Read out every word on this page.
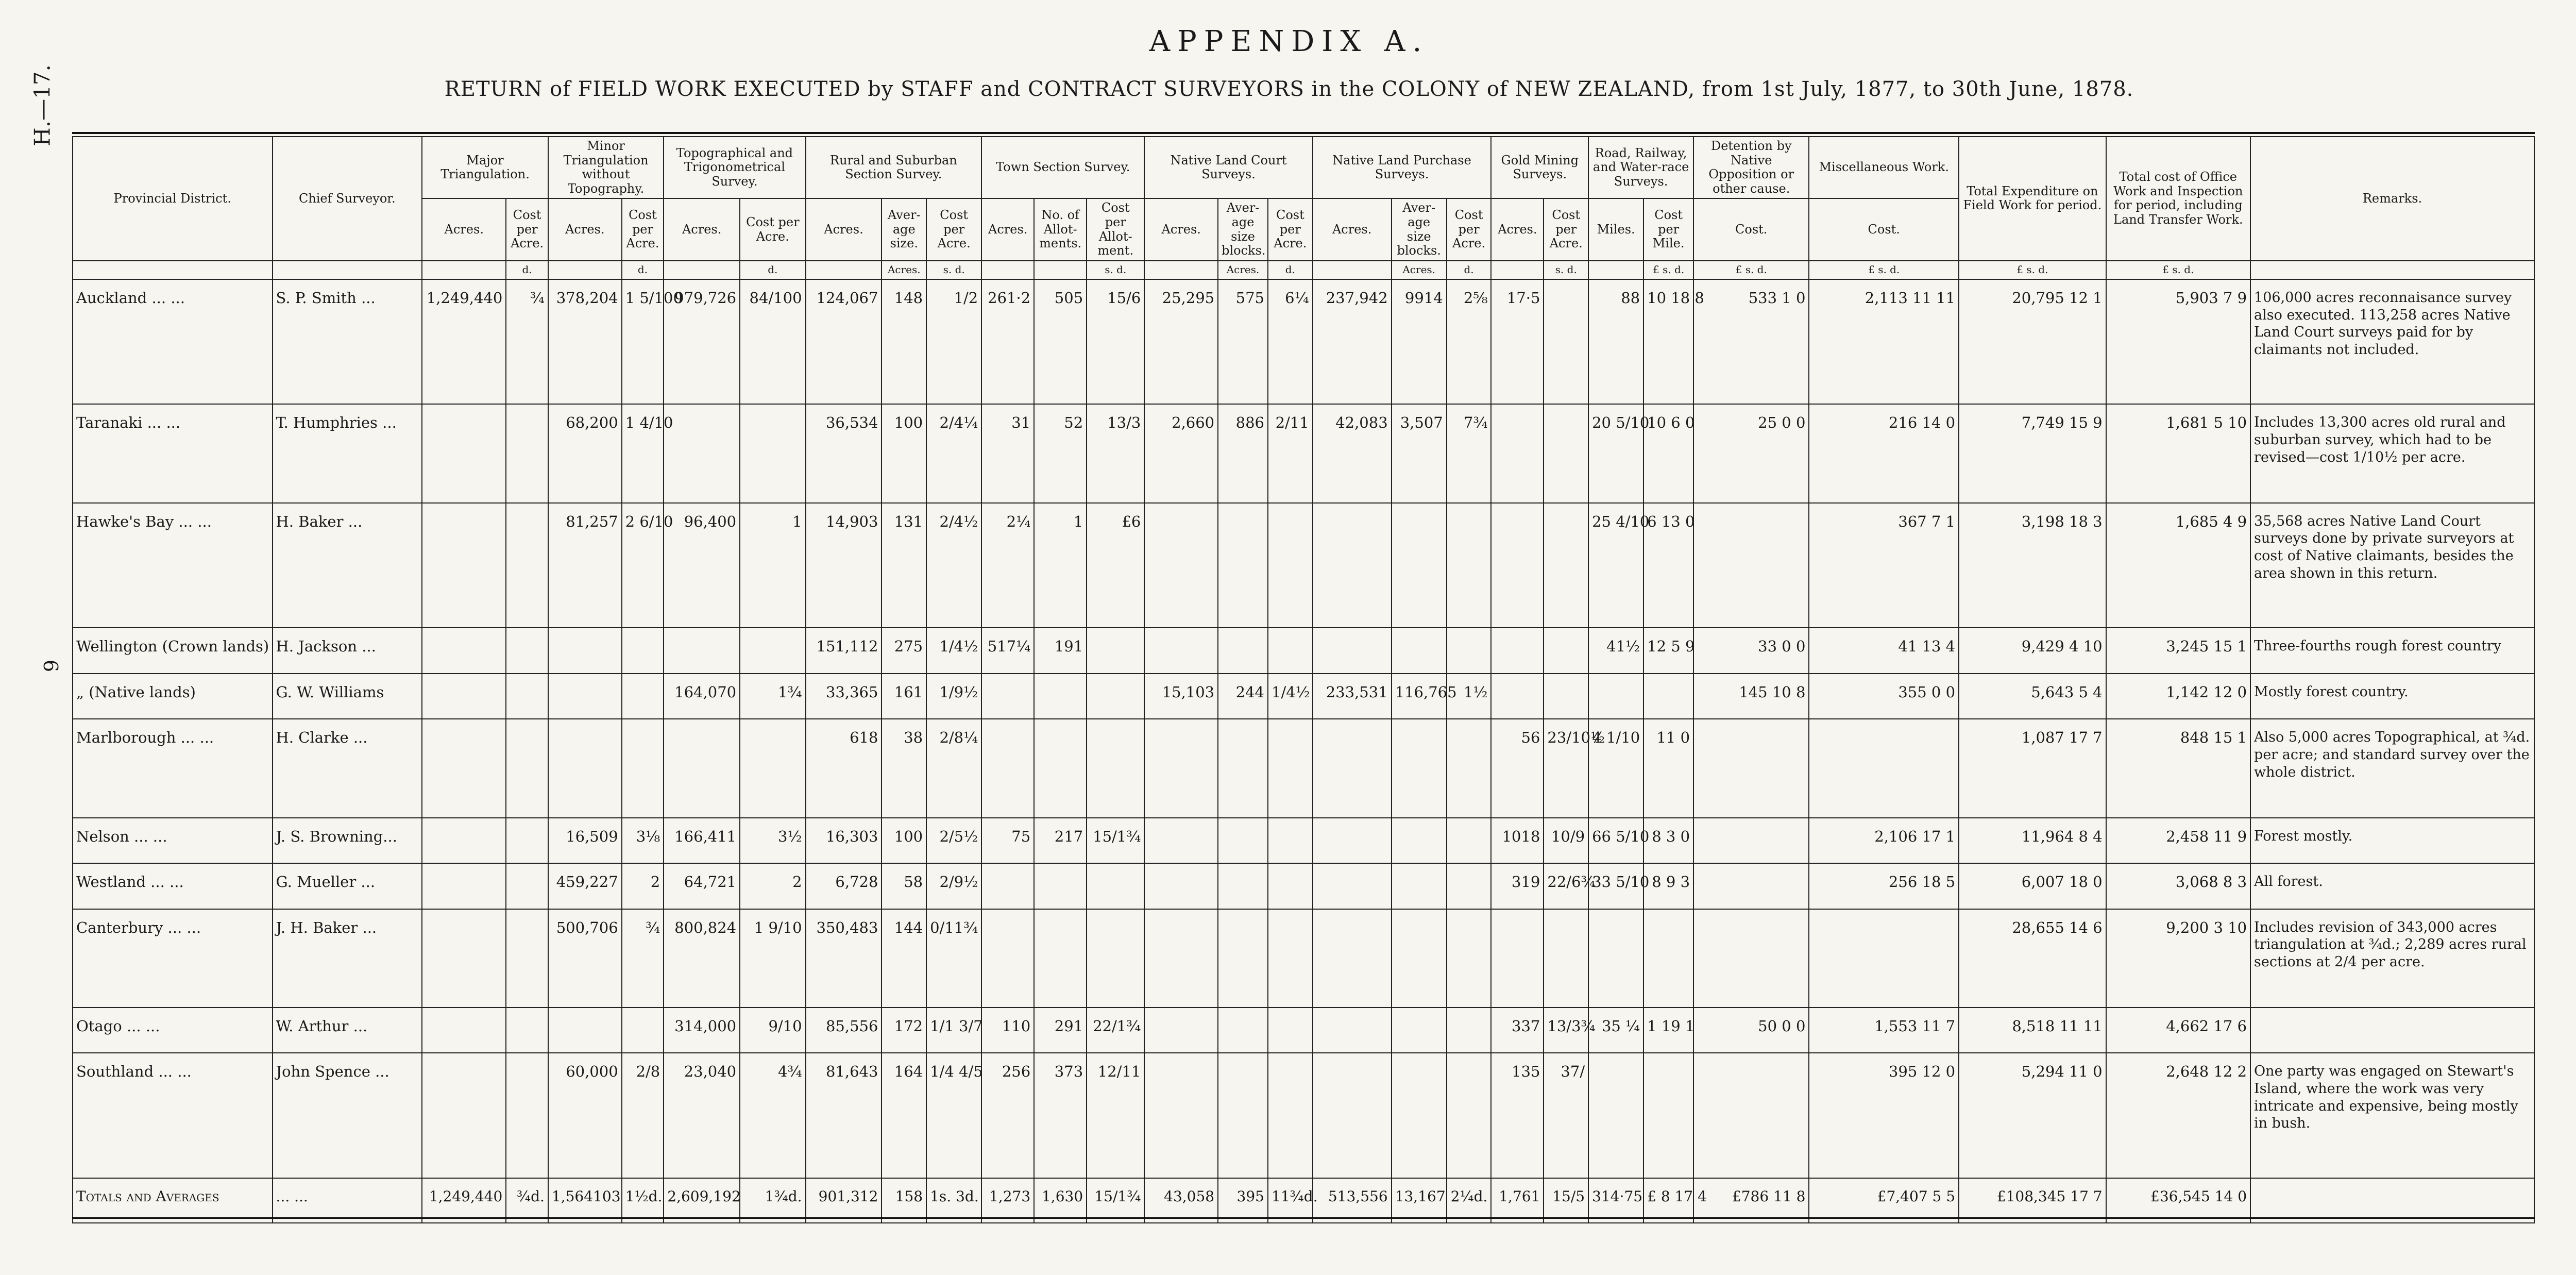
H.—17.
9
APPENDIX A.
RETURN of FIELD WORK EXECUTED by STAFF and CONTRACT SURVEYORS in the COLONY of NEW ZEALAND, from 1st July, 1877, to 30th June, 1878.
Provincial District.	Chief Surveyor.	Major Triangulation.		Minor Triangulation without Topography.		Topographical and Trigonometrical Survey.		Rural and Suburban Section Survey.			Town Section Survey.			Native Land Court Surveys.			Native Land Purchase Surveys.			Gold Mining Surveys.		Road, Railway, and Water-race Surveys.		Detention by Native Opposition or other cause.	Miscellaneous Work.	Total Expenditure on Field Work for period.	Total cost of Office Work and Inspection for period, including Land Transfer Work.	Remarks.
		Acres.	Cost per Acre.	Acres.	Cost per Acre.	Acres.	Cost per Acre.	Acres.	Aver- age size.	Cost per Acre.	Acres.	No. of Allot- ments.	Cost per Allot- ment.	Acres.	Aver- age size blocks.	Cost per Acre.	Acres.	Aver- age size blocks.	Cost per Acre.	Acres.	Cost per Acre.	Miles.	Cost per Mile.	Cost.	Cost.			
			d.		d.		d.		Acres.	s. d.			s. d.		Acres.	d.		Acres.	d.		s. d.		£ s. d.	£ s. d.	£ s. d.	£ s. d.	£ s. d.	
Auckland ... ...	S. P. Smith ...	1,249,440	¾	378,204	1 5/100	979,726	84/100	124,067	148	1/2	261·2	505	15/6	25,295	575	6¼	237,942	9914	2⅝	17·5		88	10 18 8	533 1 0	2,113 11 11	20,795 12 1	5,903 7 9	106,000 acres reconnaisance survey also executed. 113,258 acres Native Land Court surveys paid for by claimants not included.
Taranaki ... ...	T. Humphries ...			68,200	1 4/10			36,534	100	2/4¼	31	52	13/3	2,660	886	2/11	42,083	3,507	7¾			20 5/10	10 6 0	25 0 0	216 14 0	7,749 15 9	1,681 5 10	Includes 13,300 acres old rural and suburban survey, which had to be revised—cost 1/10½ per acre.
Hawke's Bay ... ...	H. Baker ...			81,257	2 6/10	96,400	1	14,903	131	2/4½	2¼	1	£6									25 4/10	6 13 0		367 7 1	3,198 18 3	1,685 4 9	35,568 acres Native Land Court surveys done by private surveyors at cost of Native claimants, besides the area shown in this return.
Wellington (Crown lands)	H. Jackson ...							151,112	275	1/4½	517¼	191										41½	12 5 9	33 0 0	41 13 4	9,429 4 10	3,245 15 1	Three-fourths rough forest country
„ (Native lands)	G. W. Williams					164,070	1¾	33,365	161	1/9½				15,103	244	1/4½	233,531	116,765	1½					145 10 8	355 0 0	5,643 5 4	1,142 12 0	Mostly forest country.
Marlborough ... ...	H. Clarke ...							618	38	2/8¼										56	23/10½	4 1/10	11 0			1,087 17 7	848 15 1	Also 5,000 acres Topographical, at ¾d. per acre; and standard survey over the whole district.
Nelson ... ...	J. S. Browning...			16,509	3⅛	166,411	3½	16,303	100	2/5½	75	217	15/1¾							1018	10/9	66 5/10	8 3 0		2,106 17 1	11,964 8 4	2,458 11 9	Forest mostly.
Westland ... ...	G. Mueller ...			459,227	2	64,721	2	6,728	58	2/9½										319	22/6¾	33 5/10	8 9 3		256 18 5	6,007 18 0	3,068 8 3	All forest.
Canterbury ... ...	J. H. Baker ...			500,706	¾	800,824	1 9/10	350,483	144	0/11¾																28,655 14 6	9,200 3 10	Includes revision of 343,000 acres triangulation at ¾d.; 2,289 acres rural sections at 2/4 per acre.
Otago ... ...	W. Arthur ...					314,000	9/10	85,556	172	1/1 3/7	110	291	22/1¾							337	13/3¾	35 ¼	1 19 1	50 0 0	1,553 11 7	8,518 11 11	4,662 17 6	
Southland ... ...	John Spence ...			60,000	2/8	23,040	4¾	81,643	164	1/4 4/5	256	373	12/11							135	37/				395 12 0	5,294 11 0	2,648 12 2	One party was engaged on Stewart's Island, where the work was very intricate and expensive, being mostly in bush.
Totals and Averages	... ...	1,249,440	¾d.	1,564103	1½d.	2,609,192	1¾d.	901,312	158	1s. 3d.	1,273	1,630	15/1¾	43,058	395	11¾d.	513,556	13,167	2¼d.	1,761	15/5	314·75	£ 8 17 4	£786 11 8	£7,407 5 5	£108,345 17 7	£36,545 14 0	
